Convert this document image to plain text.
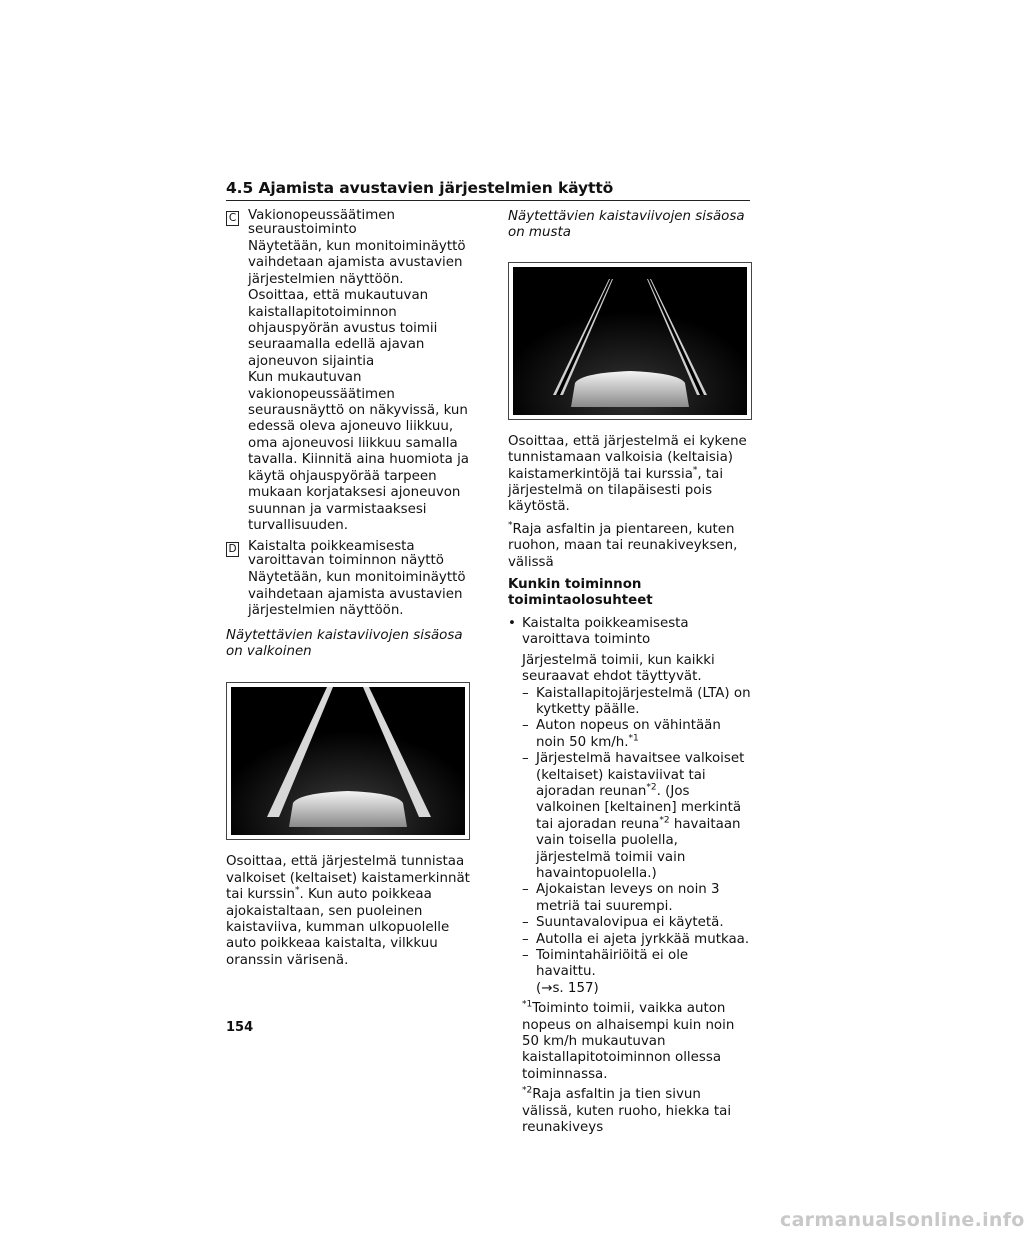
4.5 Ajamista avustavien järjestelmien käyttö
C Vakionopeussäätimen seuraustoiminto

Näytetään, kun monitoiminäyttö vaihdetaan ajamista avustavien järjestelmien näyttöön.

Osoittaa, että mukautuvan kaistallapitotoiminnon ohjauspyörän avustus toimii seuraamalla edellä ajavan ajoneuvon sijaintia

Kun mukautuvan vakionopeussäätimen seurausnäyttö on näkyvissä, kun edessä oleva ajoneuvo liikkuu, oma ajoneuvosi liikkuu samalla tavalla. Kiinnitä aina huomiota ja käytä ohjauspyörää tarpeen mukaan korjataksesi ajoneuvon suunnan ja varmistaaksesi turvallisuuden.

D Kaistalta poikkeamisesta varoittavan toiminnon näyttö

Näytetään, kun monitoiminäyttö vaihdetaan ajamista avustavien järjestelmien näyttöön.

Näytettävien kaistaviivojen sisäosa on valkoinen

Osoittaa, että järjestelmä tunnistaa valkoiset (keltaiset) kaistamerkinnät tai kurssin*. Kun auto poikkeaa ajokaistaltaan, sen puoleinen kaistaviiva, kumman ulkopuolelle auto poikkeaa kaistalta, vilkkuu oranssin värisenä.

Näytettävien kaistaviivojen sisäosa on musta

Osoittaa, että järjestelmä ei kykene tunnistamaan valkoisia (keltaisia) kaistamerkintöjä tai kurssia*, tai järjestelmä on tilapäisesti pois käytöstä.

*Raja asfaltin ja pientareen, kuten ruohon, maan tai reunakiveyksen, välissä

Kunkin toiminnon toimintaolosuhteet
• Kaistalta poikkeamisesta varoittava toiminto
Järjestelmä toimii, kun kaikki seuraavat ehdot täyttyvät.
– Kaistallapitojärjestelmä (LTA) on kytketty päälle.
– Auton nopeus on vähintään noin 50 km/h.$^{*1}$
– Järjestelmä havaitsee valkoiset (keltaiset) kaistaviivat tai ajoradan reunan$^{*2}$. (Jos valkoinen [keltainen] merkintä tai ajoradan reuna$^{*2}$ havaitaan vain toisella puolella, järjestelmä toimii vain havaintopuolella.)
– Ajokaistan leveys on noin 3 metriä tai suurempi.
– Suuntavalovipua ei käytetä.
– Autolla ei ajeta jyrkkää mutkaa.
– Toimintahäiriöitä ei ole havaittu.
(→s. 157)
$^{*1}$Toiminto toimii, vaikka auton nopeus on alhaisempi kuin noin 50 km/h mukautuvan kaistallapitotoiminnon ollessa toiminnassa.
$^{*2}$Raja asfaltin ja tien sivun välissä, kuten ruoho, hiekka tai reunakiveys
154
carmanualsonline.info
